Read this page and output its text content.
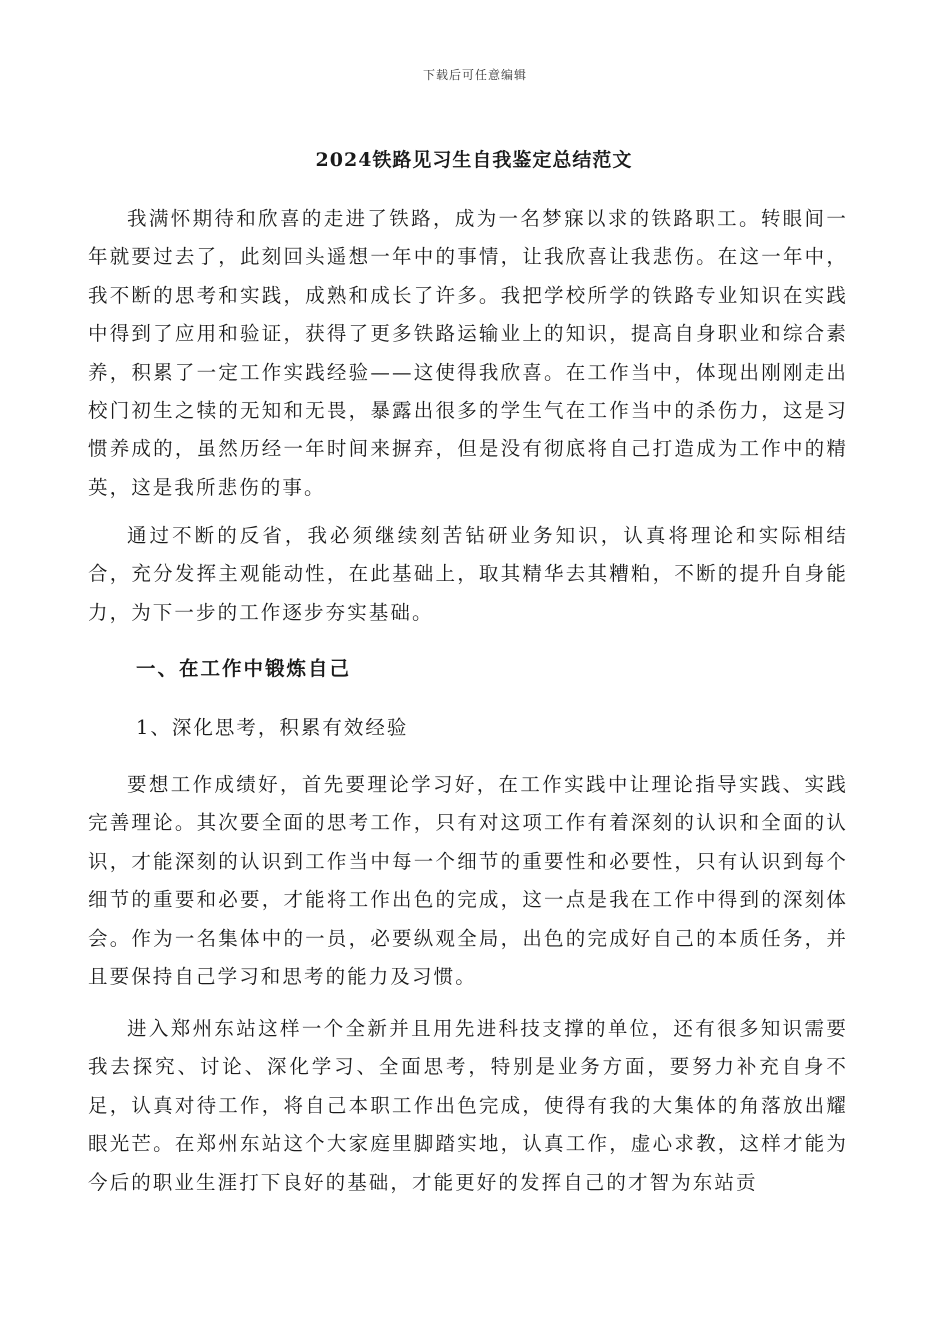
下载后可任意编辑
2024铁路见习生自我鉴定总结范文

我满怀期待和欣喜的走进了铁路，成为一名梦寐以求的铁路职工。转眼间一年就要过去了，此刻回头遥想一年中的事情，让我欣喜让我悲伤。在这一年中，我不断的思考和实践，成熟和成长了许多。我把学校所学的铁路专业知识在实践中得到了应用和验证，获得了更多铁路运输业上的知识，提高自身职业和综合素养，积累了一定工作实践经验——这使得我欣喜。在工作当中，体现出刚刚走出校门初生之犊的无知和无畏，暴露出很多的学生气在工作当中的杀伤力，这是习惯养成的，虽然历经一年时间来摒弃，但是没有彻底将自己打造成为工作中的精英，这是我所悲伤的事。

通过不断的反省，我必须继续刻苦钻研业务知识，认真将理论和实际相结合，充分发挥主观能动性，在此基础上，取其精华去其糟粕，不断的提升自身能力，为下一步的工作逐步夯实基础。

一、在工作中锻炼自己
1、深化思考，积累有效经验

要想工作成绩好，首先要理论学习好，在工作实践中让理论指导实践、实践完善理论。其次要全面的思考工作，只有对这项工作有着深刻的认识和全面的认识，才能深刻的认识到工作当中每一个细节的重要性和必要性，只有认识到每个细节的重要和必要，才能将工作出色的完成，这一点是我在工作中得到的深刻体会。作为一名集体中的一员，必要纵观全局，出色的完成好自己的本质任务，并且要保持自己学习和思考的能力及习惯。

进入郑州东站这样一个全新并且用先进科技支撑的单位，还有很多知识需要我去探究、讨论、深化学习、全面思考，特别是业务方面，要努力补充自身不足，认真对待工作，将自己本职工作出色完成，使得有我的大集体的角落放出耀眼光芒。在郑州东站这个大家庭里脚踏实地，认真工作，虚心求教，这样才能为今后的职业生涯打下良好的基础，才能更好的发挥自己的才智为东站贡
